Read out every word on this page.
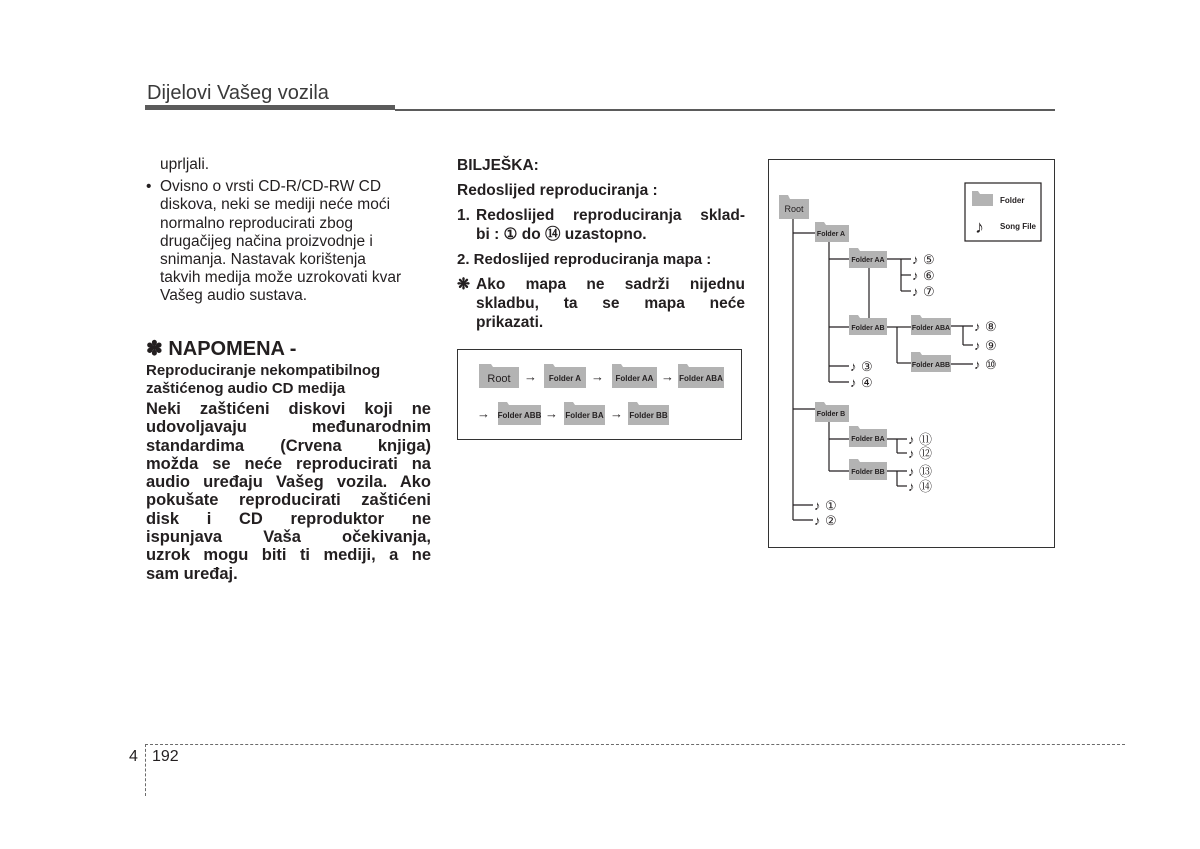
Dijelovi Vašeg vozila
uprljali.
• Ovisno o vrsti CD-R/CD-RW CD
diskova, neki se mediji neće moći
normalno reproducirati zbog
drugačijeg načina proizvodnje i
snimanja. Nastavak korištenja
takvih medija može uzrokovati kvar
Vašeg audio sustava.
✽ NAPOMENA -
Reproduciranje nekompatibilnog
zaštićenog audio CD medija
Neki zaštićeni diskovi koji ne
udovoljavaju međunarodnim
standardima (Crvena knjiga)
možda se neće reproducirati na
audio uređaju Vašeg vozila. Ako
pokušate reproducirati zaštićeni
disk i CD reproduktor ne
ispunjava Vaša očekivanja,
uzrok mogu biti ti mediji, a ne
sam uređaj.

BILJEŠKA:

Redoslijed reproduciranja :

1. Redoslijed reproduciranja sklad-
bi : ① do ⑭ uzastopno.

2. Redoslijed reproduciranja mapa :

❋ Ako mapa ne sadrži nijednu
skladbu, ta se mapa neće
prikazati.
Root → Folder A → Folder AA → Folder ABA
→ Folder ABB → Folder BA → Folder BB
Folder
♪ Song File
Root
Folder A
Folder AA
Folder AB	Folder ABA
Folder ABB
Folder B
Folder BA
Folder BB
♪ ⑤
♪ ⑥
♪ ⑦
♪ ⑧
♪ ⑨
♪ ⑩
♪ ③
♪ ④
♪ ⑪
♪ ⑫
♪ ⑬
♪ ⑭
♪ ①
♪ ②
4 192
